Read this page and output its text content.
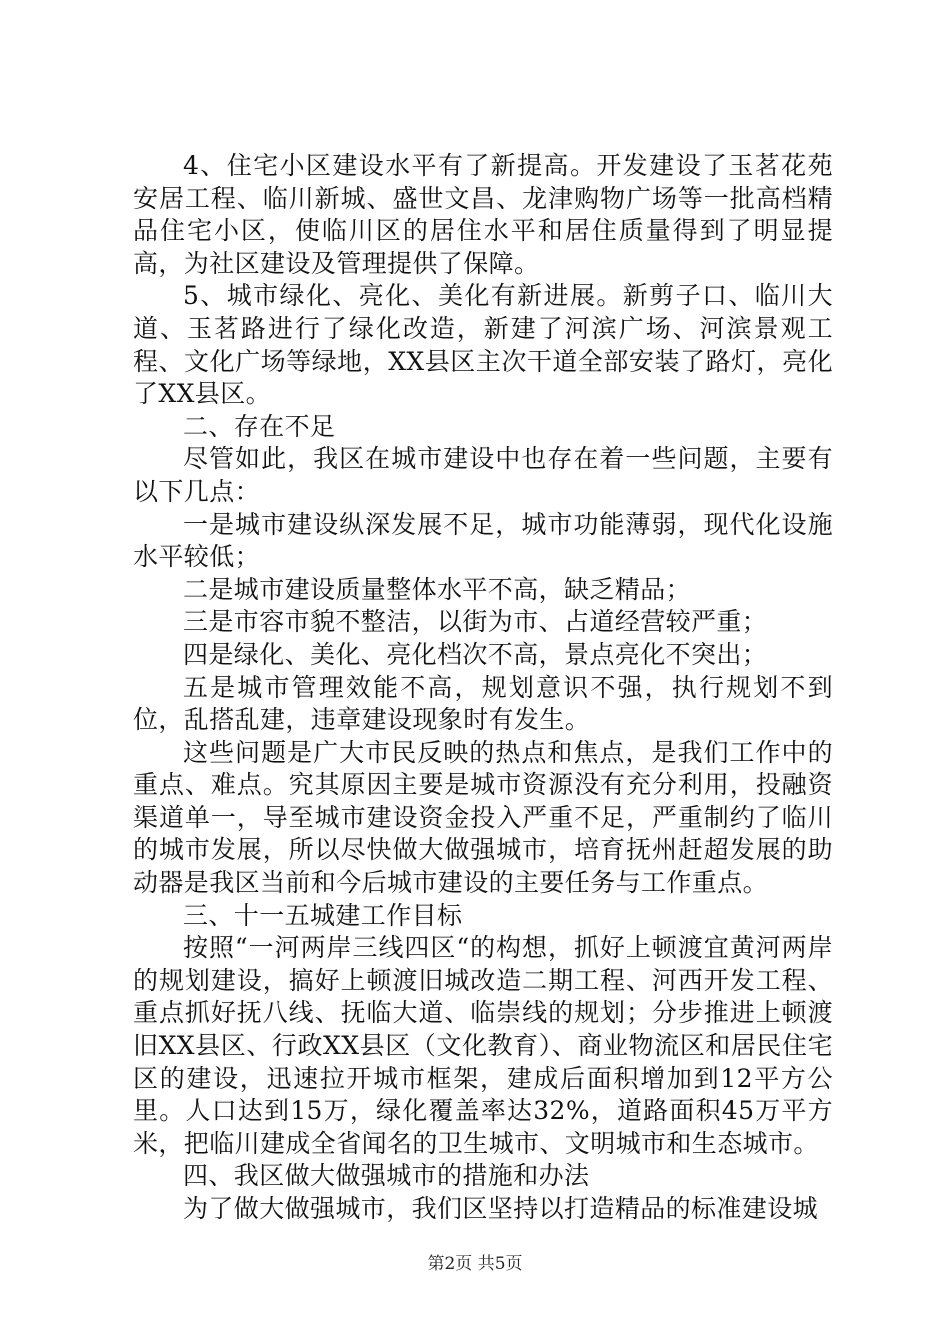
4、住宅小区建设水平有了新提高。开发建设了玉茗花苑安居工程、临川新城、盛世文昌、龙津购物广场等一批高档精品住宅小区，使临川区的居住水平和居住质量得到了明显提高，为社区建设及管理提供了保障。

5、城市绿化、亮化、美化有新进展。新剪子口、临川大道、玉茗路进行了绿化改造，新建了河滨广场、河滨景观工程、文化广场等绿地，XX县区主次干道全部安装了路灯，亮化了XX县区。

二、存在不足

尽管如此，我区在城市建设中也存在着一些问题，主要有以下几点：

一是城市建设纵深发展不足，城市功能薄弱，现代化设施水平较低；

二是城市建设质量整体水平不高，缺乏精品；

三是市容市貌不整洁，以街为市、占道经营较严重；

四是绿化、美化、亮化档次不高，景点亮化不突出；

五是城市管理效能不高，规划意识不强，执行规划不到位，乱搭乱建，违章建设现象时有发生。

这些问题是广大市民反映的热点和焦点，是我们工作中的重点、难点。究其原因主要是城市资源没有充分利用，投融资渠道单一，导至城市建设资金投入严重不足，严重制约了临川的城市发展，所以尽快做大做强城市，培育抚州赶超发展的助动器是我区当前和今后城市建设的主要任务与工作重点。

三、十一五城建工作目标

按照“一河两岸三线四区“的构想，抓好上顿渡宜黄河两岸的规划建设，搞好上顿渡旧城改造二期工程、河西开发工程、重点抓好抚八线、抚临大道、临崇线的规划；分步推进上顿渡旧XX县区、行政XX县区（文化教育）、商业物流区和居民住宅区的建设，迅速拉开城市框架，建成后面积增加到12平方公里。人口达到15万，绿化覆盖率达32%，道路面积45万平方米，把临川建成全省闻名的卫生城市、文明城市和生态城市。

四、我区做大做强城市的措施和办法

为了做大做强城市，我们区坚持以打造精品的标准建设城

第2页 共5页
